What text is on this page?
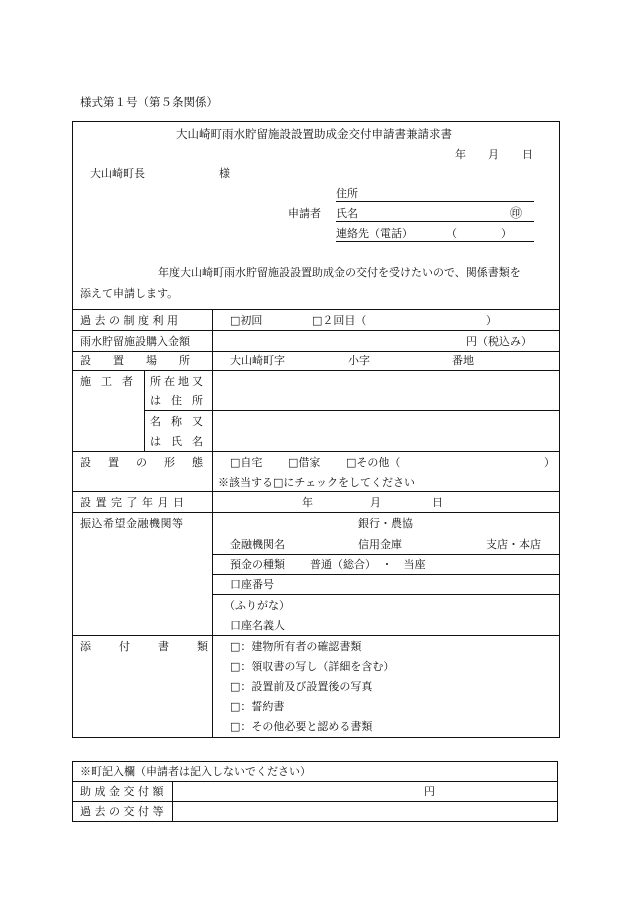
様式第１号（第５条関係）
大山崎町雨水貯留施設設置助成金交付申請書兼請求書
年 月 日
大山崎町長	様
住所
申請者 氏名	㊞
連絡先（電話）	（　　　　）
年度大山崎町雨水貯留施設設置助成金の交付を受けたいので、関係書類を
添えて申請します。
過去の制度利用	□初回	□２回目（	）
雨水貯留施設購入金額	円（税込み）
設置場所 大山崎町字	小字	番地
施工者 所在地又
は住所
名称又
は氏名
設置の形態 □自宅 □借家 □その他（	）
※該当する□にチェックをしてください
設置完了年月日	年	月	日
振込希望金融機関等	銀行・農協
金融機関名	信用金庫	支店・本店
預金の種類 普通（総合）　・　当座
口座番号
（ふりがな）
口座名義人
添付書類
□：建物所有者の確認書類
□：領収書の写し（詳細を含む）
□：設置前及び設置後の写真
□：誓約書
□：その他必要と認める書類
※町記入欄（申請者は記入しないでください）
助成金交付額	円
過去の交付等
